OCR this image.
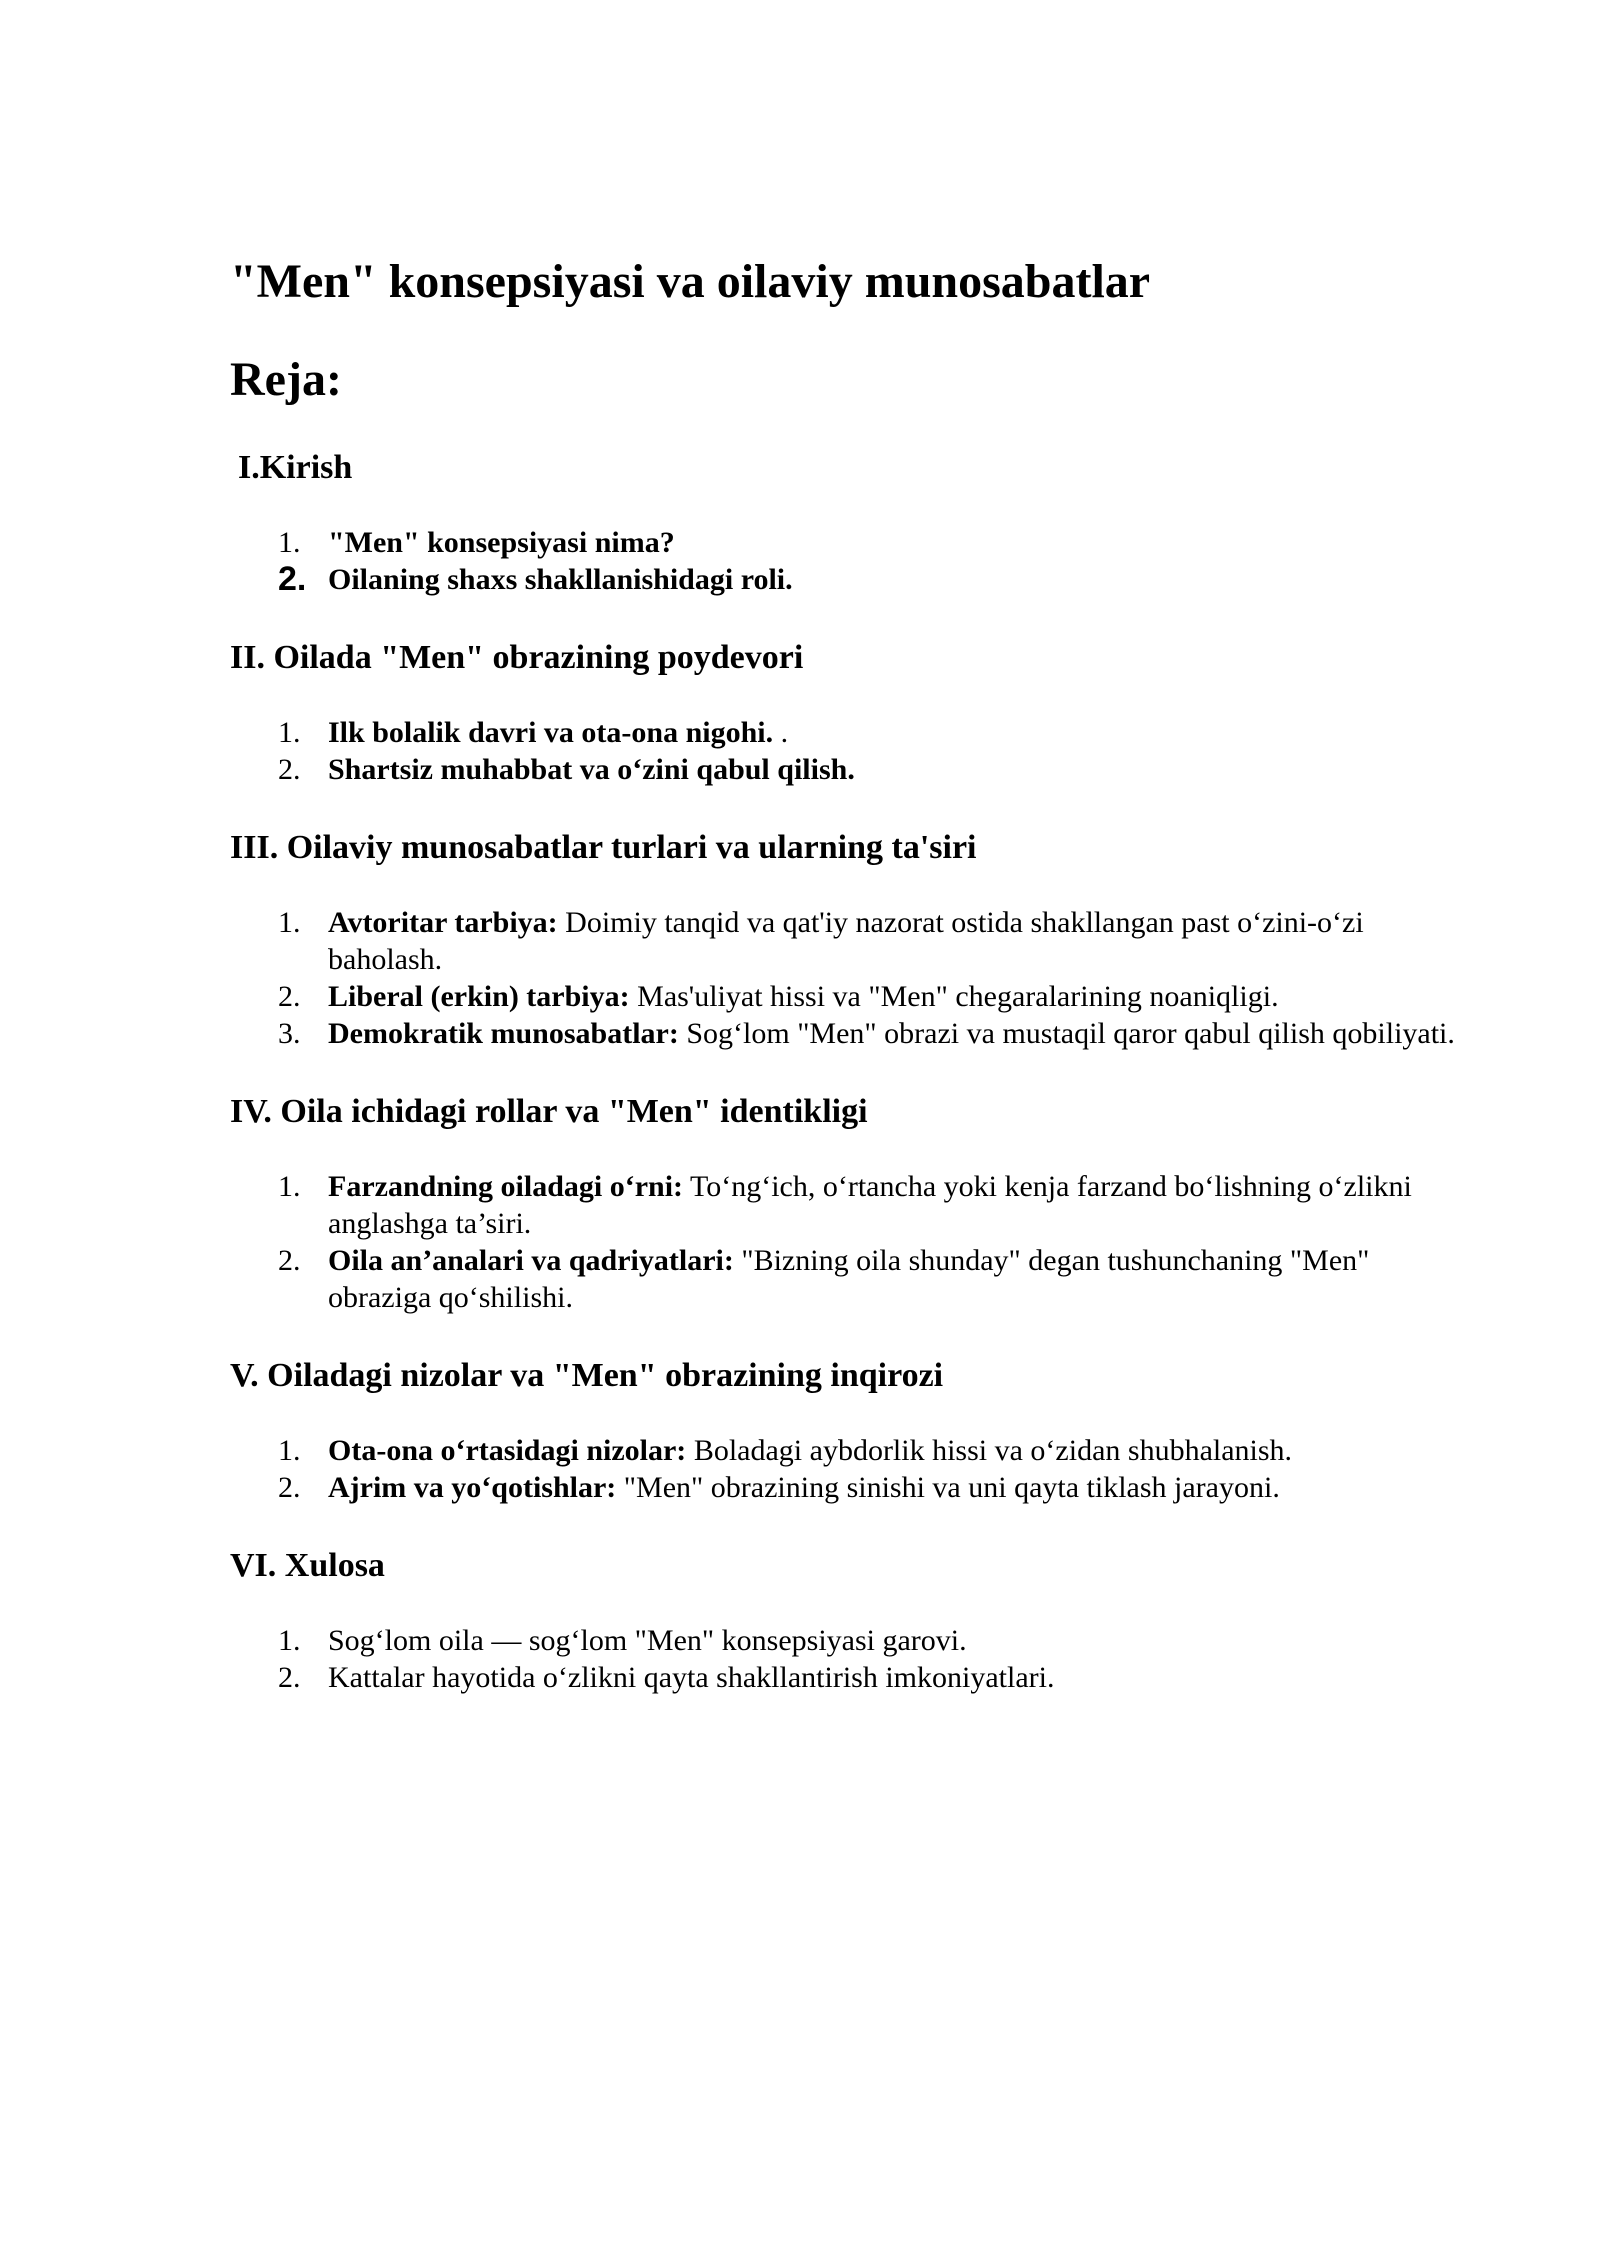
"Men" konsepsiyasi va oilaviy munosabatlar
Reja:
I.Kirish
1. "Men" konsepsiyasi nima?
2. Oilaning shaxs shakllanishidagi roli.
II. Oilada "Men" obrazining poydevori
1. Ilk bolalik davri va ota-ona nigohi. .
2. Shartsiz muhabbat va o‘zini qabul qilish.
III. Oilaviy munosabatlar turlari va ularning ta'siri
1. Avtoritar tarbiya: Doimiy tanqid va qat'iy nazorat ostida shakllangan past o‘zini-o‘zi baholash.
2. Liberal (erkin) tarbiya: Mas'uliyat hissi va "Men" chegaralarining noaniqligi.
3. Demokratik munosabatlar: Sog‘lom "Men" obrazi va mustaqil qaror qabul qilish qobiliyati.
IV. Oila ichidagi rollar va "Men" identikligi
1. Farzandning oiladagi o‘rni: To‘ng‘ich, o‘rtancha yoki kenja farzand bo‘lishning o‘zlikni anglashga ta’siri.
2. Oila an’analari va qadriyatlari: "Bizning oila shunday" degan tushunchaning "Men" obraziga qo‘shilishi.
V. Oiladagi nizolar va "Men" obrazining inqirozi
1. Ota-ona o‘rtasidagi nizolar: Boladagi aybdorlik hissi va o‘zidan shubhalanish.
2. Ajrim va yo‘qotishlar: "Men" obrazining sinishi va uni qayta tiklash jarayoni.
VI. Xulosa
1. Sog‘lom oila — sog‘lom "Men" konsepsiyasi garovi.
2. Kattalar hayotida o‘zlikni qayta shakllantirish imkoniyatlari.
